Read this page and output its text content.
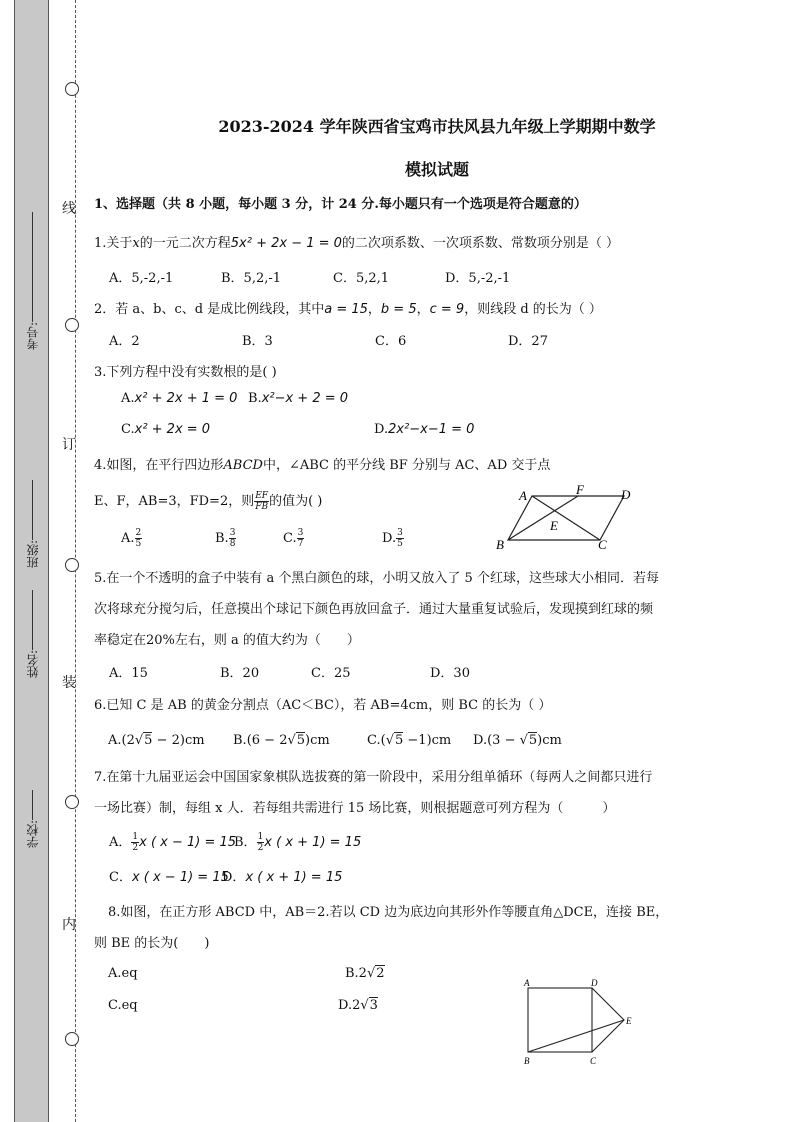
线
订
装
内
考号:
班级:
姓名:
学校:
2023-2024 学年陕西省宝鸡市扶风县九年级上学期期中数学
模拟试题
1、选择题（共 8 小题，每小题 3 分，计 24 分.每小题只有一个选项是符合题意的）
1.关于x的一元二次方程5x² + 2x − 1 = 0的二次项系数、一次项系数、常数项分别是（ ）
A．5,-2,-1	B．5,2,-1	C．5,2,1	D．5,-2,-1
2．若 a、b、c、d 是成比例线段，其中a = 15，b = 5，c = 9，则线段 d 的长为（ ）
A．2	B．3	C．6	D．27
3.下列方程中没有实数根的是( )
A.x² + 2x + 1 = 0 B.x²−x + 2 = 0
C.x² + 2x = 0	D.2x²−x−1 = 0
4.如图，在平行四边形ABCD中，∠ABC 的平分线 BF 分别与 AC、AD 交于点
E、F，AB=3，FD=2，则 $\frac{EF}{FB}$ 的值为( )
A. $\frac{2}{5}$	B. $\frac{3}{8}$	C. $\frac{3}{7}$	D. $\frac{3}{5}$
A	F	D
E
B	C
5.在一个不透明的盒子中装有 a 个黑白颜色的球，小明又放入了 5 个红球，这些球大小相同．若每
次将球充分搅匀后，任意摸出个球记下颜色再放回盒子．通过大量重复试验后，发现摸到红球的频
率稳定在20%左右，则 a 的值大约为（　　）
A．15	B．20	C．25	D．30
6.已知 C 是 AB 的黄金分割点（AC＜BC），若 AB=4cm，则 BC 的长为（ ）
A.(2√5 − 2)cm B.(6 − 2√5)cm	C.(√5 −1)cm D.(3 − √5)cm
7.在第十九届亚运会中国国家象棋队选拔赛的第一阶段中，采用分组单循环（每两人之间都只进行
一场比赛）制，每组 x 人．若每组共需进行 15 场比赛，则根据题意可列方程为（　　　）
A． $\frac{1}{2}$ x ( x − 1) = 15
B． $\frac{1}{2}$ x ( x + 1) = 15
C．x ( x − 1) = 15
D．x ( x + 1) = 15
8.如图，在正方形 ABCD 中，AB＝2.若以 CD 边为底边向其形外作等腰直角△DCE，连接 BE，
则 BE 的长为(　　)
A.eq	B.2√2
C.eq	D.2√3
A	D
E
B	C
